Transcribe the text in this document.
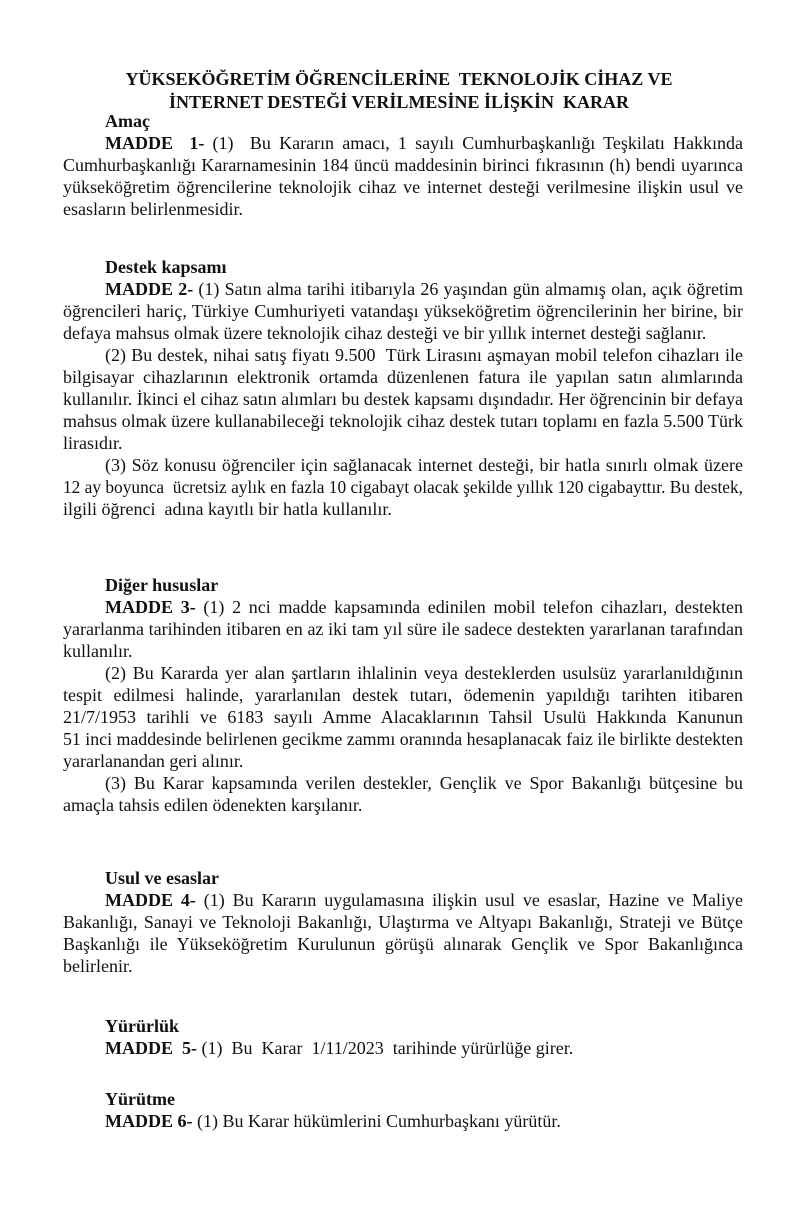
YÜKSEKÖĞRETİM ÖĞRENCİLERİNE  TEKNOLOJİK CİHAZ VE
İNTERNET DESTEĞİ VERİLMESİNE İLİŞKİN  KARAR
Amaç
MADDE  1- (1)  Bu Kararın amacı, 1 sayılı Cumhurbaşkanlığı Teşkilatı Hakkında
Cumhurbaşkanlığı Kararnamesinin 184 üncü maddesinin birinci fıkrasının (h) bendi uyarınca
yükseköğretim öğrencilerine teknolojik cihaz ve internet desteği verilmesine ilişkin usul ve
esasların belirlenmesidir.
Destek kapsamı
MADDE 2- (1) Satın alma tarihi itibarıyla 26 yaşından gün almamış olan, açık öğretim
öğrencileri hariç, Türkiye Cumhuriyeti vatandaşı yükseköğretim öğrencilerinin her birine, bir
defaya mahsus olmak üzere teknolojik cihaz desteği ve bir yıllık internet desteği sağlanır.
(2) Bu destek, nihai satış fiyatı 9.500  Türk Lirasını aşmayan mobil telefon cihazları ile
bilgisayar cihazlarının elektronik ortamda düzenlenen fatura ile yapılan satın alımlarında
kullanılır. İkinci el cihaz satın alımları bu destek kapsamı dışındadır. Her öğrencinin bir defaya
mahsus olmak üzere kullanabileceği teknolojik cihaz destek tutarı toplamı en fazla 5.500 Türk
lirasıdır.
(3) Söz konusu öğrenciler için sağlanacak internet desteği, bir hatla sınırlı olmak üzere
12 ay boyunca  ücretsiz aylık en fazla 10 cigabayt olacak şekilde yıllık 120 cigabayttır. Bu destek,
ilgili öğrenci  adına kayıtlı bir hatla kullanılır.
Diğer hususlar
MADDE 3- (1) 2 nci madde kapsamında edinilen mobil telefon cihazları, destekten
yararlanma tarihinden itibaren en az iki tam yıl süre ile sadece destekten yararlanan tarafından
kullanılır.
(2) Bu Kararda yer alan şartların ihlalinin veya desteklerden usulsüz yararlanıldığının
tespit edilmesi halinde, yararlanılan destek tutarı, ödemenin yapıldığı tarihten itibaren
21/7/1953 tarihli ve 6183 sayılı Amme Alacaklarının Tahsil Usulü Hakkında Kanunun
51 inci maddesinde belirlenen gecikme zammı oranında hesaplanacak faiz ile birlikte destekten
yararlanandan geri alınır.
(3) Bu Karar kapsamında verilen destekler, Gençlik ve Spor Bakanlığı bütçesine bu
amaçla tahsis edilen ödenekten karşılanır.
Usul ve esaslar
MADDE 4- (1) Bu Kararın uygulamasına ilişkin usul ve esaslar, Hazine ve Maliye
Bakanlığı, Sanayi ve Teknoloji Bakanlığı, Ulaştırma ve Altyapı Bakanlığı, Strateji ve Bütçe
Başkanlığı ile Yükseköğretim Kurulunun görüşü alınarak Gençlik ve Spor Bakanlığınca
belirlenir.
Yürürlük
MADDE  5- (1)  Bu  Karar  1/11/2023  tarihinde yürürlüğe girer.
Yürütme
MADDE 6- (1) Bu Karar hükümlerini Cumhurbaşkanı yürütür.
